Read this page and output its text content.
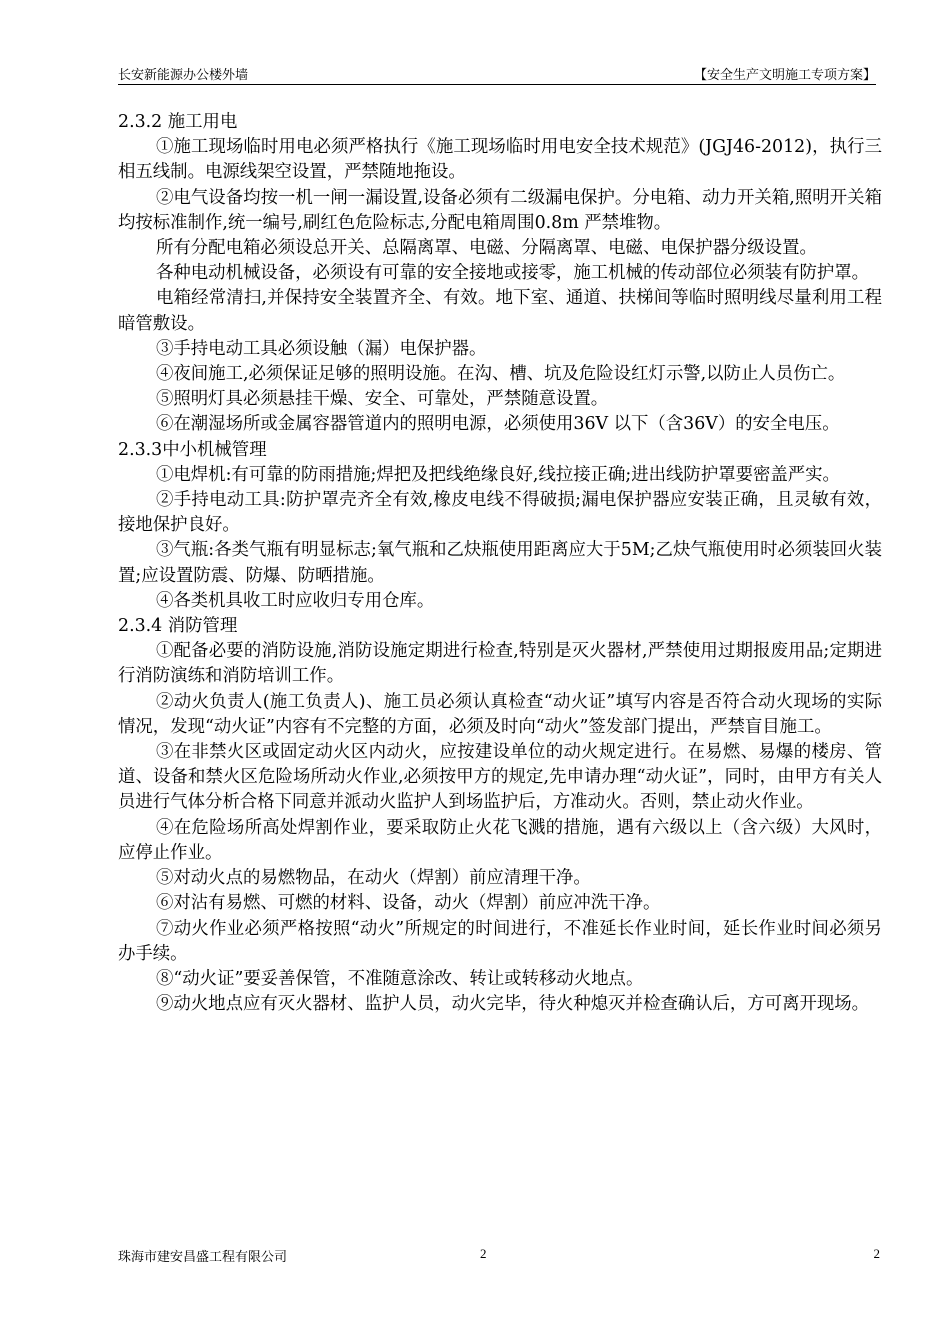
长安新能源办公楼外墙	【安全生产文明施工专项方案】

2.3.2 施工用电

①施工现场临时用电必须严格执行《施工现场临时用电安全技术规范》(JGJ46-2012)，执行三相五线制。电源线架空设置，严禁随地拖设。

②电气设备均按一机一闸一漏设置,设备必须有二级漏电保护。分电箱、动力开关箱,照明开关箱均按标准制作,统一编号,刷红色危险标志,分配电箱周围0.8m 严禁堆物。

所有分配电箱必须设总开关、总隔离罩、电磁、分隔离罩、电磁、电保护器分级设置。

各种电动机械设备，必须设有可靠的安全接地或接零，施工机械的传动部位必须装有防护罩。

电箱经常清扫,并保持安全装置齐全、有效。地下室、通道、扶梯间等临时照明线尽量利用工程暗管敷设。

③手持电动工具必须设触（漏）电保护器。

④夜间施工,必须保证足够的照明设施。在沟、槽、坑及危险设红灯示警,以防止人员伤亡。

⑤照明灯具必须悬挂干燥、安全、可靠处，严禁随意设置。

⑥在潮湿场所或金属容器管道内的照明电源，必须使用36V 以下（含36V）的安全电压。

2.3.3中小机械管理

①电焊机:有可靠的防雨措施;焊把及把线绝缘良好,线拉接正确;进出线防护罩要密盖严实。

②手持电动工具:防护罩壳齐全有效,橡皮电线不得破损;漏电保护器应安装正确，且灵敏有效，接地保护良好。

③气瓶:各类气瓶有明显标志;氧气瓶和乙炔瓶使用距离应大于5M;乙炔气瓶使用时必须装回火装置;应设置防震、防爆、防晒措施。

④各类机具收工时应收归专用仓库。

2.3.4 消防管理

①配备必要的消防设施,消防设施定期进行检查,特别是灭火器材,严禁使用过期报废用品;定期进行消防演练和消防培训工作。

②动火负责人(施工负责人)、施工员必须认真检查“动火证”填写内容是否符合动火现场的实际情况，发现“动火证”内容有不完整的方面，必须及时向“动火”签发部门提出，严禁盲目施工。

③在非禁火区或固定动火区内动火，应按建设单位的动火规定进行。在易燃、易爆的楼房、管道、设备和禁火区危险场所动火作业,必须按甲方的规定,先申请办理“动火证”，同时，由甲方有关人员进行气体分析合格下同意并派动火监护人到场监护后，方准动火。否则，禁止动火作业。

④在危险场所高处焊割作业，要采取防止火花飞溅的措施，遇有六级以上（含六级）大风时，应停止作业。

⑤对动火点的易燃物品，在动火（焊割）前应清理干净。

⑥对沾有易燃、可燃的材料、设备，动火（焊割）前应冲洗干净。

⑦动火作业必须严格按照“动火”所规定的时间进行，不准延长作业时间，延长作业时间必须另办手续。

⑧“动火证”要妥善保管，不准随意涂改、转让或转移动火地点。

⑨动火地点应有灭火器材、监护人员，动火完毕，待火种熄灭并检查确认后，方可离开现场。

珠海市建安昌盛工程有限公司	2	2
